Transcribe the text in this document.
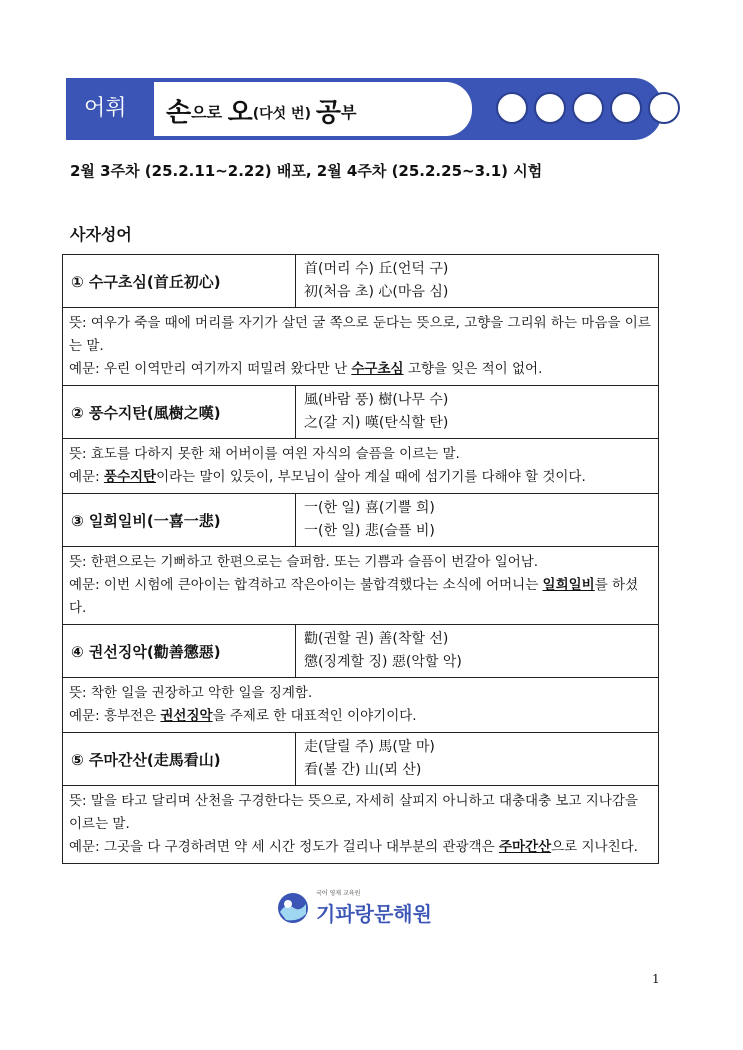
어휘 손으로 오(다섯 번) 공부
2월 3주차 (25.2.11~2.22) 배포, 2월 4주차 (25.2.25~3.1) 시험
사자성어
① 수구초심(首丘初心)
首(머리 수) 丘(언덕 구)
初(처음 초) 心(마음 심)
뜻: 여우가 죽을 때에 머리를 자기가 살던 굴 쪽으로 둔다는 뜻으로, 고향을 그리워 하는 마음을 이르는 말.
예문: 우린 이역만리 여기까지 떠밀려 왔다만 난 수구초심 고향을 잊은 적이 없어.
② 풍수지탄(風樹之嘆)
風(바람 풍) 樹(나무 수)
之(갈 지) 嘆(탄식할 탄)
뜻: 효도를 다하지 못한 채 어버이를 여읜 자식의 슬픔을 이르는 말.
예문: 풍수지탄이라는 말이 있듯이, 부모님이 살아 계실 때에 섬기기를 다해야 할 것이다.
③ 일희일비(一喜一悲)
一(한 일) 喜(기쁠 희)
一(한 일) 悲(슬플 비)
뜻: 한편으로는 기뻐하고 한편으로는 슬퍼함. 또는 기쁨과 슬픔이 번갈아 일어남.
예문: 이번 시험에 큰아이는 합격하고 작은아이는 불합격했다는 소식에 어머니는 일희일비를 하셨다.
④ 권선징악(勸善懲惡)
勸(권할 권) 善(착할 선)
懲(징계할 징) 惡(악할 악)
뜻: 착한 일을 권장하고 악한 일을 징계함.
예문: 흥부전은 권선징악을 주제로 한 대표적인 이야기이다.
⑤ 주마간산(走馬看山)
走(달릴 주) 馬(말 마)
看(볼 간) 山(뫼 산)
뜻: 말을 타고 달리며 산천을 구경한다는 뜻으로, 자세히 살피지 아니하고 대충대충 보고 지나감을 이르는 말.
예문: 그곳을 다 구경하려면 약 세 시간 정도가 걸리나 대부분의 관광객은 주마간산으로 지나친다.
국어 영재 교육원
기파랑문해원
1
